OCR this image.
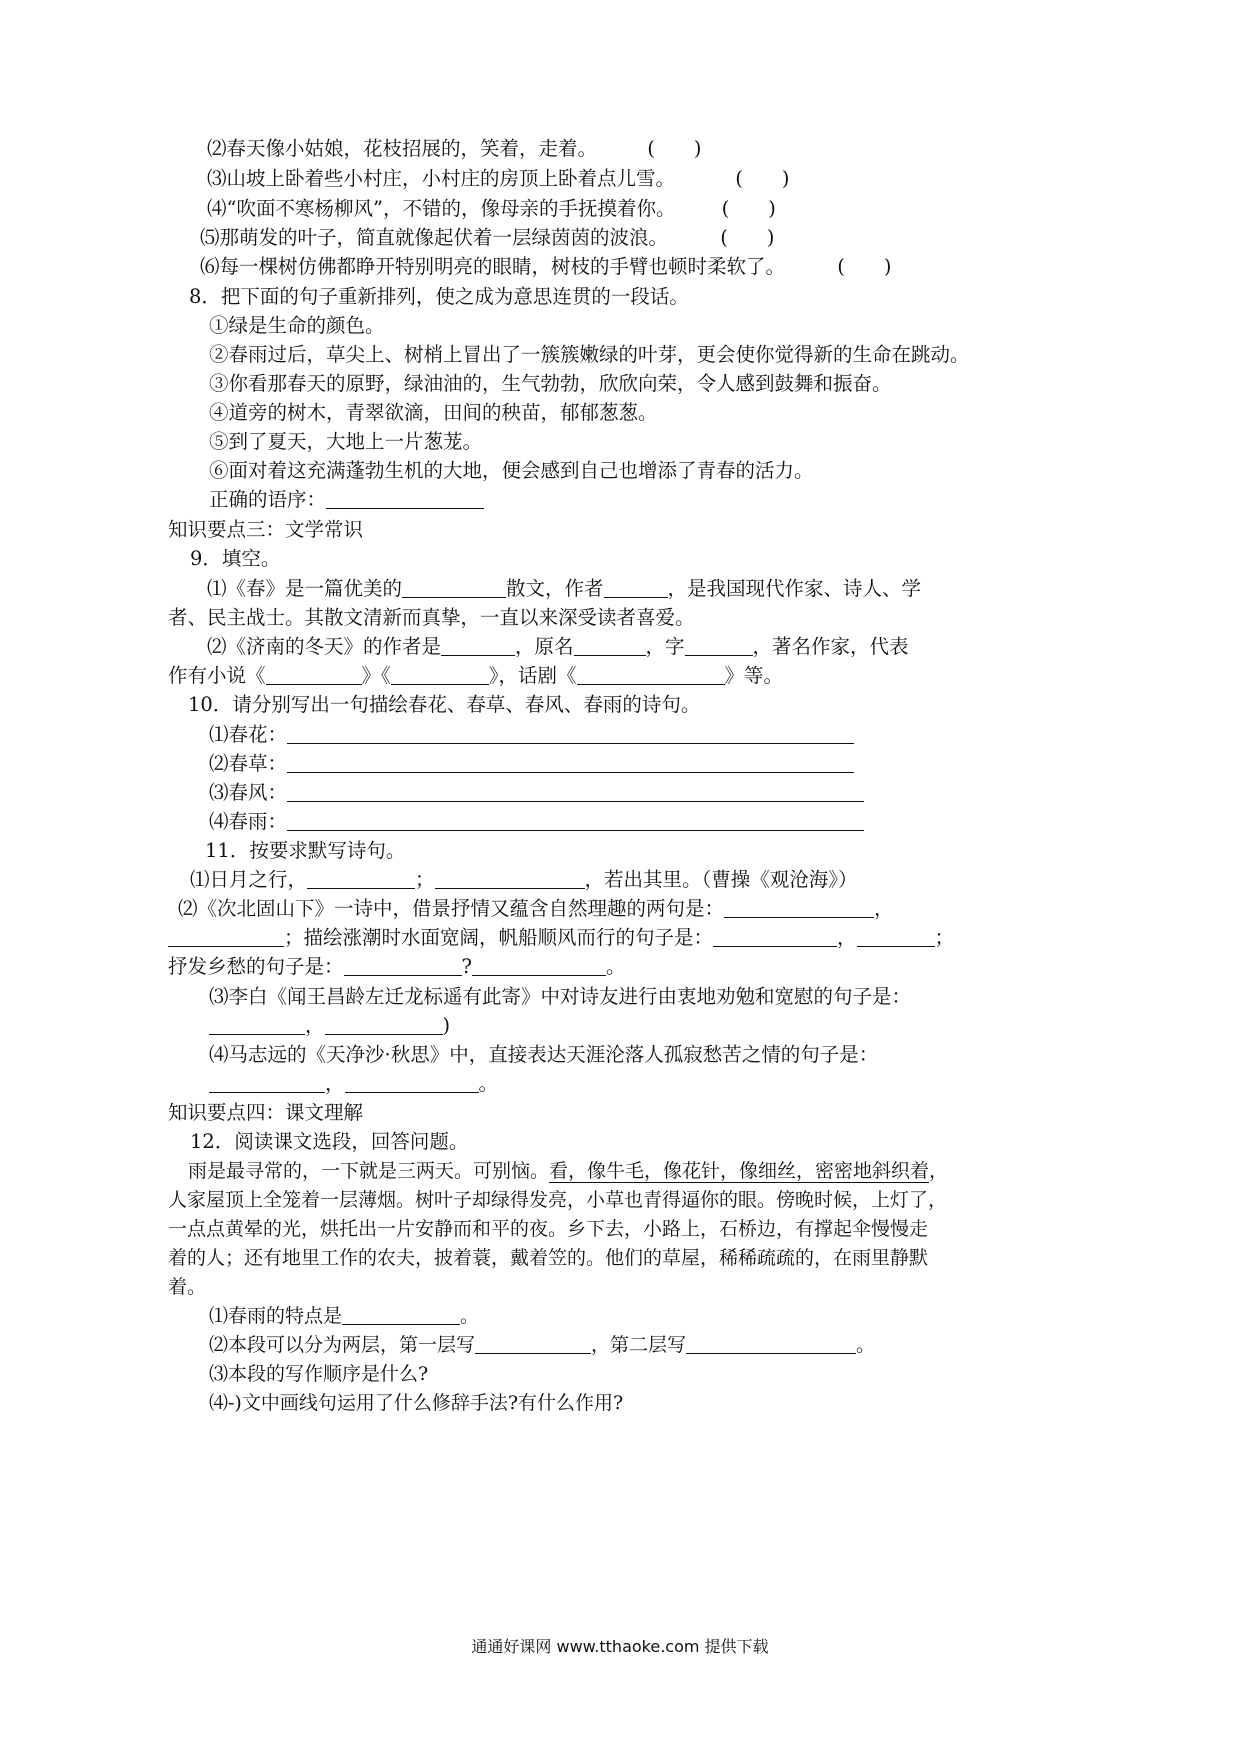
⑵春天像小姑娘，花枝招展的，笑着，走着。	(　　)
⑶山坡上卧着些小村庄，小村庄的房顶上卧着点儿雪。	(　　)
⑷“吹面不寒杨柳风”，不错的，像母亲的手抚摸着你。 (　　)
⑸那萌发的叶子，简直就像起伏着一层绿茵茵的波浪。	(　　)
⑹每一棵树仿佛都睁开特别明亮的眼睛，树枝的手臂也顿时柔软了。	(　　)
8．把下面的句子重新排列，使之成为意思连贯的一段话。
①绿是生命的颜色。
②春雨过后，草尖上、树梢上冒出了一簇簇嫩绿的叶芽，更会使你觉得新的生命在跳动。
③你看那春天的原野，绿油油的，生气勃勃，欣欣向荣，令人感到鼓舞和振奋。
④道旁的树木，青翠欲滴，田间的秧苗，郁郁葱葱。
⑤到了夏天，大地上一片葱茏。
⑥面对着这充满蓬勃生机的大地，便会感到自己也增添了青春的活力。
正确的语序：
知识要点三：文学常识
9．填空。
⑴《春》是一篇优美的	散文，作者	，是我国现代作家、诗人、学
者、民主战士。其散文清新而真挚，一直以来深受读者喜爱。
⑵《济南的冬天》的作者是	，原名	，字	，著名作家，代表
作有小说《	》《	》，话剧《	》等。
10．请分别写出一句描绘春花、春草、春风、春雨的诗句。
⑴春花：
⑵春草：
⑶春风：
⑷春雨：
11．按要求默写诗句。
⑴日月之行，	；	，若出其里。（曹操《观沧海》）
⑵《次北固山下》一诗中，借景抒情又蕴含自然理趣的两句是：	，
；描绘涨潮时水面宽阔，帆船顺风而行的句子是：	，	；
抒发乡愁的句子是：	?	。
⑶李白《闻王昌龄左迁龙标遥有此寄》中对诗友进行由衷地劝勉和宽慰的句子是：
，	)
⑷马志远的《天净沙·秋思》中，直接表达天涯沦落人孤寂愁苦之情的句子是：
，	。
知识要点四：课文理解
12．阅读课文选段，回答问题。
雨是最寻常的，一下就是三两天。可别恼。看，像牛毛，像花针，像细丝，密密地斜织着，
人家屋顶上全笼着一层薄烟。树叶子却绿得发亮，小草也青得逼你的眼。傍晚时候，上灯了，
一点点黄晕的光，烘托出一片安静而和平的夜。乡下去，小路上，石桥边，有撑起伞慢慢走
着的人；还有地里工作的农夫，披着蓑，戴着笠的。他们的草屋，稀稀疏疏的，在雨里静默
着。
⑴春雨的特点是	。
⑵本段可以分为两层，第一层写	，第二层写	。
⑶本段的写作顺序是什么?
⑷-)文中画线句运用了什么修辞手法?有什么作用?
通通好课网 www.tthaoke.com 提供下载
